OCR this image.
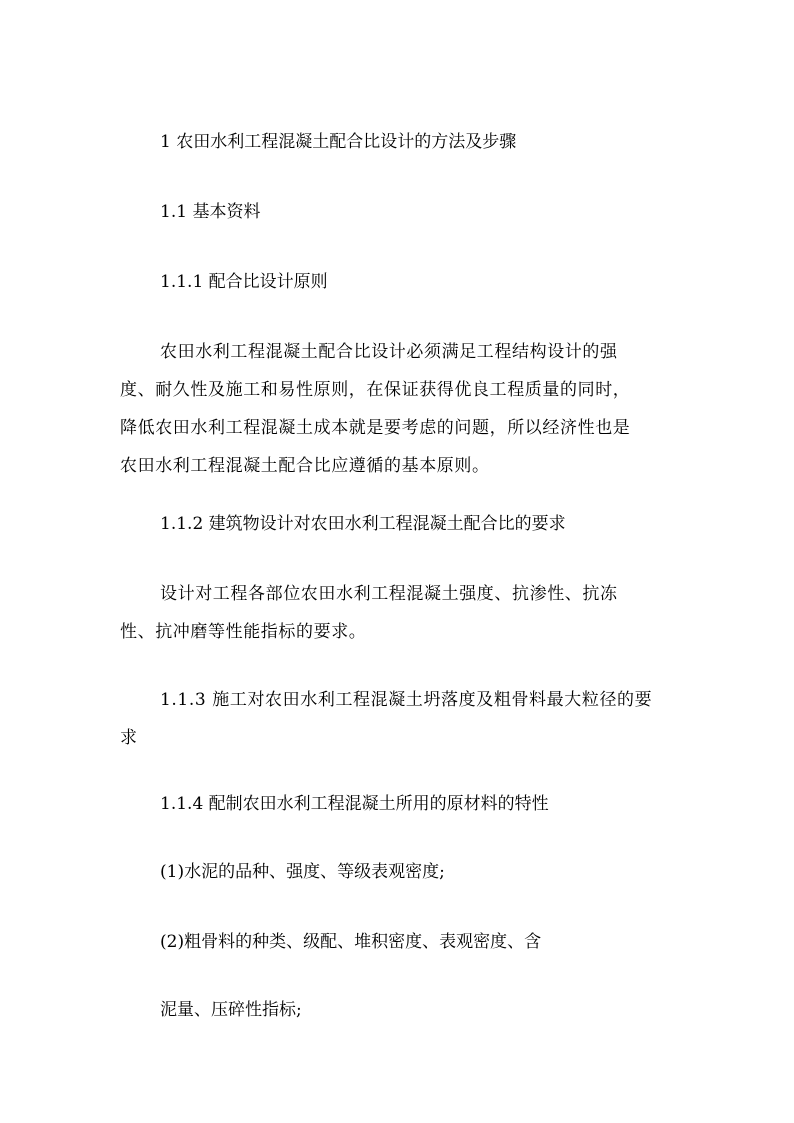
1 农田水利工程混凝土配合比设计的方法及步骤

1.1 基本资料

1.1.1 配合比设计原则

农田水利工程混凝土配合比设计必须满足工程结构设计的强
度、耐久性及施工和易性原则，在保证获得优良工程质量的同时，
降低农田水利工程混凝土成本就是要考虑的问题，所以经济性也是
农田水利工程混凝土配合比应遵循的基本原则。

1.1.2 建筑物设计对农田水利工程混凝土配合比的要求

设计对工程各部位农田水利工程混凝土强度、抗渗性、抗冻
性、抗冲磨等性能指标的要求。
1.1.3 施工对农田水利工程混凝土坍落度及粗骨料最大粒径的要
求

1.1.4 配制农田水利工程混凝土所用的原材料的特性

(1)水泥的品种、强度、等级表观密度;

(2)粗骨料的种类、级配、堆积密度、表观密度、含

泥量、压碎性指标;
